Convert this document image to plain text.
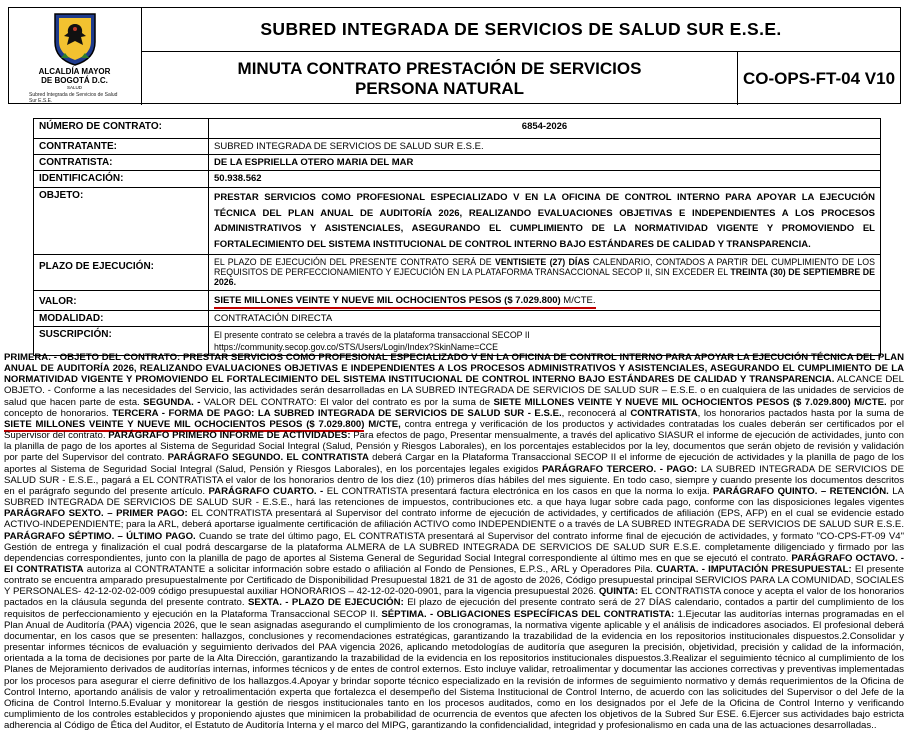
ALCALDÍA MAYOR
DE BOGOTÁ D.C.

SALUD
Subred Integrada de Servicios de Salud Sur E.S.E.
SUBRED INTEGRADA DE SERVICIOS DE SALUD SUR E.S.E.
MINUTA CONTRATO PRESTACIÓN DE SERVICIOS
PERSONA NATURAL
CO-OPS-FT-04 V10
NÚMERO DE CONTRATO:	6854-2026
CONTRATANTE:	SUBRED INTEGRADA DE SERVICIOS DE SALUD SUR E.S.E.
CONTRATISTA:	DE LA ESPRIELLA OTERO MARIA DEL MAR
IDENTIFICACIÓN:	50.938.562
OBJETO:	PRESTAR SERVICIOS COMO PROFESIONAL ESPECIALIZADO V EN LA OFICINA DE CONTROL INTERNO PARA APOYAR LA EJECUCIÓN TÉCNICA DEL PLAN ANUAL DE AUDITORÍA 2026, REALIZANDO EVALUACIONES OBJETIVAS E INDEPENDIENTES A LOS PROCESOS ADMINISTRATIVOS Y ASISTENCIALES, ASEGURANDO EL CUMPLIMIENTO DE LA NORMATIVIDAD VIGENTE Y PROMOVIENDO EL FORTALECIMIENTO DEL SISTEMA INSTITUCIONAL DE CONTROL INTERNO BAJO ESTÁNDARES DE CALIDAD Y TRANSPARENCIA.
PLAZO DE EJECUCIÓN:	EL PLAZO DE EJECUCIÓN DEL PRESENTE CONTRATO SERÁ DE VENTISIETE (27) DÍAS CALENDARIO, CONTADOS A PARTIR DEL CUMPLIMIENTO DE LOS REQUISITOS DE PERFECCIONAMIENTO Y EJECUCIÓN EN LA PLATAFORMA TRANSACCIONAL SECOP II, SIN EXCEDER EL TREINTA (30) DE SEPTIEMBRE DE 2026.
VALOR:	SIETE MILLONES VEINTE Y NUEVE MIL OCHOCIENTOS PESOS ($ 7.029.800) M/CTE.
MODALIDAD:	CONTRATACIÓN DIRECTA
SUSCRIPCIÓN:	El presente contrato se celebra a través de la plataforma transaccional SECOP II
https://community.secop.gov.co/STS/Users/Login/Index?SkinName=CCE
PRIMERA. - OBJETO DEL CONTRATO: PRESTAR SERVICIOS COMO PROFESIONAL ESPECIALIZADO V EN LA OFICINA DE CONTROL INTERNO PARA APOYAR LA EJECUCIÓN TÉCNICA DEL PLAN ANUAL DE AUDITORÍA 2026, REALIZANDO EVALUACIONES OBJETIVAS E INDEPENDIENTES A LOS PROCESOS ADMINISTRATIVOS Y ASISTENCIALES, ASEGURANDO EL CUMPLIMIENTO DE LA NORMATIVIDAD VIGENTE Y PROMOVIENDO EL FORTALECIMIENTO DEL SISTEMA INSTITUCIONAL DE CONTROL INTERNO BAJO ESTÁNDARES DE CALIDAD Y TRANSPARENCIA. ALCANCE DEL OBJETO. - Conforme a las necesidades del Servicio, las actividades serán desarrolladas en LA SUBRED INTEGRADA DE SERVICIOS DE SALUD SUR – E.S.E. o en cualquiera de las unidades de servicios de salud que hacen parte de esta. SEGUNDA. - VALOR DEL CONTRATO: El valor del contrato es por la suma de SIETE MILLONES VEINTE Y NUEVE MIL OCHOCIENTOS PESOS ($ 7.029.800) M/CTE. por concepto de honorarios. TERCERA - FORMA DE PAGO: LA SUBRED INTEGRADA DE SERVICIOS DE SALUD SUR - E.S.E., reconocerá al CONTRATISTA, los honorarios pactados hasta por la suma de SIETE MILLONES VEINTE Y NUEVE MIL OCHOCIENTOS PESOS ($ 7.029.800) M/CTE, contra entrega y verificación de los productos y actividades contratadas los cuales deberán ser certificados por el Supervisor del contrato. PARÁGRAFO PRIMERO INFORME DE ACTIVIDADES: Para efectos de pago, Presentar mensualmente, a través del aplicativo SIASUR el informe de ejecución de actividades, junto con la planilla de pago de los aportes al Sistema de Seguridad Social Integral (Salud, Pensión y Riesgos Laborales), en los porcentajes establecidos por la ley, documentos que serán objeto de revisión y validación por parte del Supervisor del contrato. PARÁGRAFO SEGUNDO. EL CONTRATISTA deberá Cargar en la Plataforma Transaccional SECOP II el informe de ejecución de actividades y la planilla de pago de los aportes al Sistema de Seguridad Social Integral (Salud, Pensión y Riesgos Laborales), en los porcentajes legales exigidos PARÁGRAFO TERCERO. - PAGO: LA SUBRED INTEGRADA DE SERVICIOS DE SALUD SUR - E.S.E., pagará a EL CONTRATISTA el valor de los honorarios dentro de los diez (10) primeros días hábiles del mes siguiente. En todo caso, siempre y cuando presente los documentos descritos en el parágrafo segundo del presente artículo. PARÁGRAFO CUARTO. - EL CONTRATISTA presentará factura electrónica en los casos en que la norma lo exija. PARÁGRAFO QUINTO. – RETENCIÓN. LA SUBRED INTEGRADA DE SERVICIOS DE SALUD SUR - E.S.E., hará las retenciones de impuestos, contribuciones etc. a que haya lugar sobre cada pago, conforme con las disposiciones legales vigentes PARÁGRAFO SEXTO. – PRIMER PAGO: EL CONTRATISTA presentará al Supervisor del contrato informe de ejecución de actividades, y certificados de afiliación (EPS, AFP) en el cual se evidencie estado ACTIVO-INDEPENDIENTE; para la ARL, deberá aportarse igualmente certificación de afiliación ACTIVO como INDEPENDIENTE o a través de LA SUBRED INTEGRADA DE SERVICIOS DE SALUD SUR E.S.E. PARÁGRAFO SÉPTIMO. – ÚLTIMO PAGO. Cuando se trate del último pago, EL CONTRATISTA presentará al Supervisor del contrato informe final de ejecución de actividades, y formato "CO-CPS-FT-09 V4" Gestión de entrega y finalización el cual podrá descargarse de la plataforma ALMERA de LA SUBRED INTEGRADA DE SERVICIOS DE SALUD SUR E.S.E. completamente diligenciado y firmado por las dependencias correspondientes, junto con la planilla de pago de aportes al Sistema General de Seguridad Social Integral correspondiente al último mes en que se ejecutó el contrato. PARÁGRAFO OCTAVO. - El CONTRATISTA autoriza al CONTRATANTE a solicitar información sobre estado o afiliación al Fondo de Pensiones, E.P.S., ARL y Operadores Pila. CUARTA. - IMPUTACIÓN PRESUPUESTAL: El presente contrato se encuentra amparado presupuestalmente por Certificado de Disponibilidad Presupuestal 1821 de 31 de agosto de 2026, Código presupuestal principal SERVICIOS PARA LA COMUNIDAD, SOCIALES Y PERSONALES- 42-12-02-02-009 código presupuestal auxiliar HONORARIOS – 42-12-02-020-0901, para la vigencia presupuestal 2026. QUINTA: EL CONTRATISTA conoce y acepta el valor de los honorarios pactados en la cláusula segunda del presente contrato. SEXTA. - PLAZO DE EJECUCIÓN: El plazo de ejecución del presente contrato será de 27 DÍAS calendario, contados a partir del cumplimiento de los requisitos de perfeccionamiento y ejecución en la Plataforma Transaccional SECOP II. SÉPTIMA. - OBLIGACIONES ESPECÍFICAS DEL CONTRATISTA: 1.Ejecutar las auditorías internas programadas en el Plan Anual de Auditoría (PAA) vigencia 2026, que le sean asignadas asegurando el cumplimiento de los cronogramas, la normativa vigente aplicable y el análisis de indicadores asociados. El profesional deberá documentar, en los casos que se presenten: hallazgos, conclusiones y recomendaciones estratégicas, garantizando la trazabilidad de la evidencia en los repositorios institucionales dispuestos.2.Consolidar y presentar informes técnicos de evaluación y seguimiento derivados del PAA vigencia 2026, aplicando metodologías de auditoría que aseguren la precisión, objetividad, precisión y calidad de la información, orientada a la toma de decisiones por parte de la Alta Dirección, garantizando la trazabilidad de la evidencia en los repositorios institucionales dispuestos.3.Realizar el seguimiento técnico al cumplimiento de los Planes de Mejoramiento derivados de auditorías internas, informes técnicos y de entes de control externos. Esto incluye validar, retroalimentar y documentar las acciones correctivas y preventivas implementadas por los procesos para asegurar el cierre definitivo de los hallazgos.4.Apoyar y brindar soporte técnico especializado en la revisión de informes de seguimiento normativo y demás requerimientos de la Oficina de Control Interno, aportando análisis de valor y retroalimentación experta que fortalezca el desempeño del Sistema Institucional de Control Interno, de acuerdo con las solicitudes del Supervisor o del Jefe de la Oficina de Control Interno.5.Evaluar y monitorear la gestión de riesgos institucionales tanto en los procesos auditados, como en los designados por el Jefe de la Oficina de Control Interno y verificando cumplimiento de los controles establecidos y proponiendo ajustes que minimicen la probabilidad de ocurrencia de eventos que afecten los objetivos de la Subred Sur ESE. 6.Ejercer sus actividades bajo estricta adherencia al Código de Ética del Auditor, el Estatuto de Auditoría Interna y el marco del MIPG, garantizando la confidencialidad, integridad y profesionalismo en cada una de las actuaciones desarrolladas..
